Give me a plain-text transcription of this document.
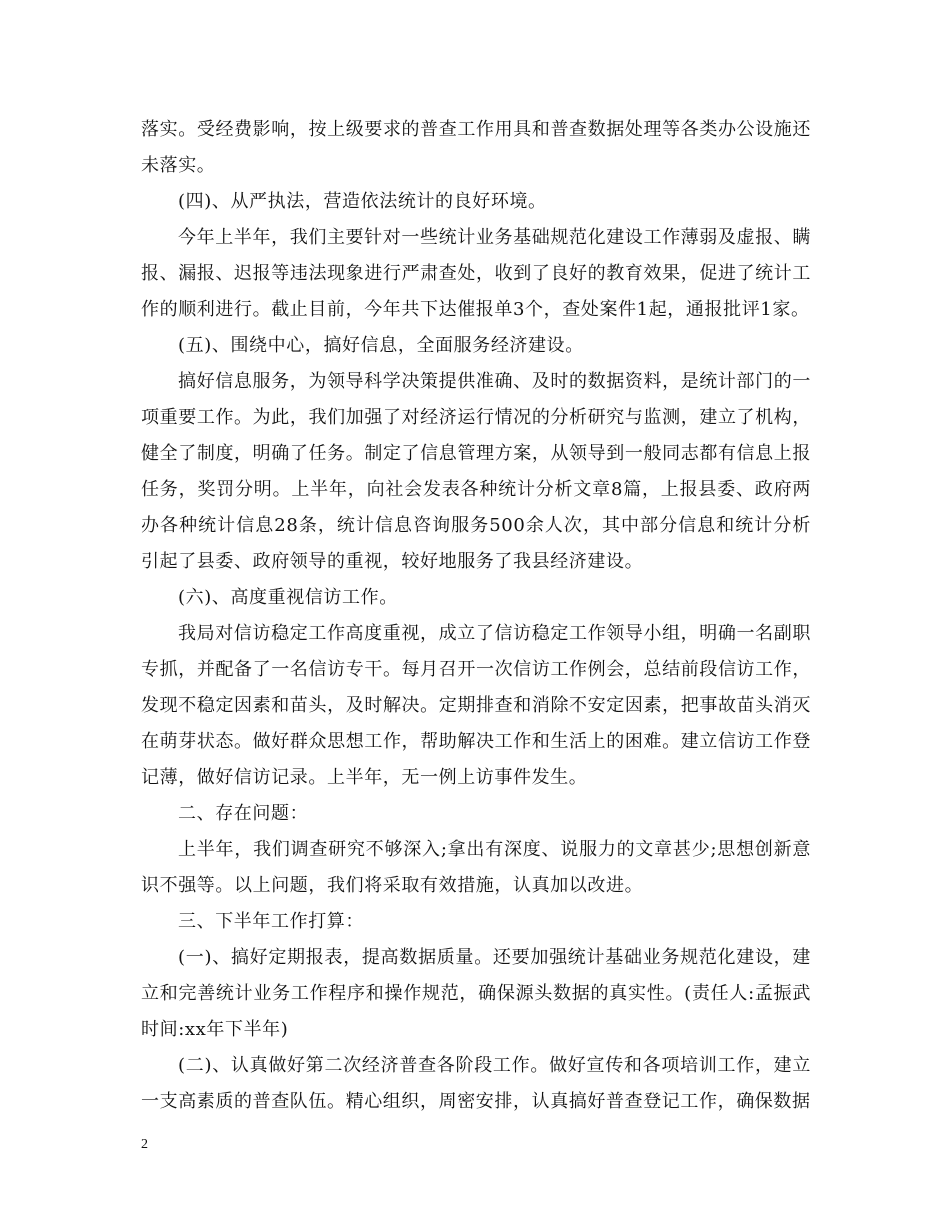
落实。受经费影响，按上级要求的普查工作用具和普查数据处理等各类办公设施还未落实。

(四)、从严执法，营造依法统计的良好环境。

今年上半年，我们主要针对一些统计业务基础规范化建设工作薄弱及虚报、瞒报、漏报、迟报等违法现象进行严肃查处，收到了良好的教育效果，促进了统计工作的顺利进行。截止目前，今年共下达催报单3个，查处案件1起，通报批评1家。

(五)、围绕中心，搞好信息，全面服务经济建设。

搞好信息服务，为领导科学决策提供准确、及时的数据资料，是统计部门的一项重要工作。为此，我们加强了对经济运行情况的分析研究与监测，建立了机构，健全了制度，明确了任务。制定了信息管理方案，从领导到一般同志都有信息上报任务，奖罚分明。上半年，向社会发表各种统计分析文章8篇，上报县委、政府两办各种统计信息28条，统计信息咨询服务500余人次，其中部分信息和统计分析引起了县委、政府领导的重视，较好地服务了我县经济建设。

(六)、高度重视信访工作。

我局对信访稳定工作高度重视，成立了信访稳定工作领导小组，明确一名副职专抓，并配备了一名信访专干。每月召开一次信访工作例会，总结前段信访工作，发现不稳定因素和苗头，及时解决。定期排查和消除不安定因素，把事故苗头消灭在萌芽状态。做好群众思想工作，帮助解决工作和生活上的困难。建立信访工作登记薄，做好信访记录。上半年，无一例上访事件发生。

二、存在问题：

上半年，我们调查研究不够深入;拿出有深度、说服力的文章甚少;思想创新意识不强等。以上问题，我们将采取有效措施，认真加以改进。

三、下半年工作打算：

(一)、搞好定期报表，提高数据质量。还要加强统计基础业务规范化建设，建立和完善统计业务工作程序和操作规范，确保源头数据的真实性。(责任人:孟振武 时间:xx年下半年)

(二)、认真做好第二次经济普查各阶段工作。做好宣传和各项培训工作，建立一支高素质的普查队伍。精心组织，周密安排，认真搞好普查登记工作，确保数据

2
